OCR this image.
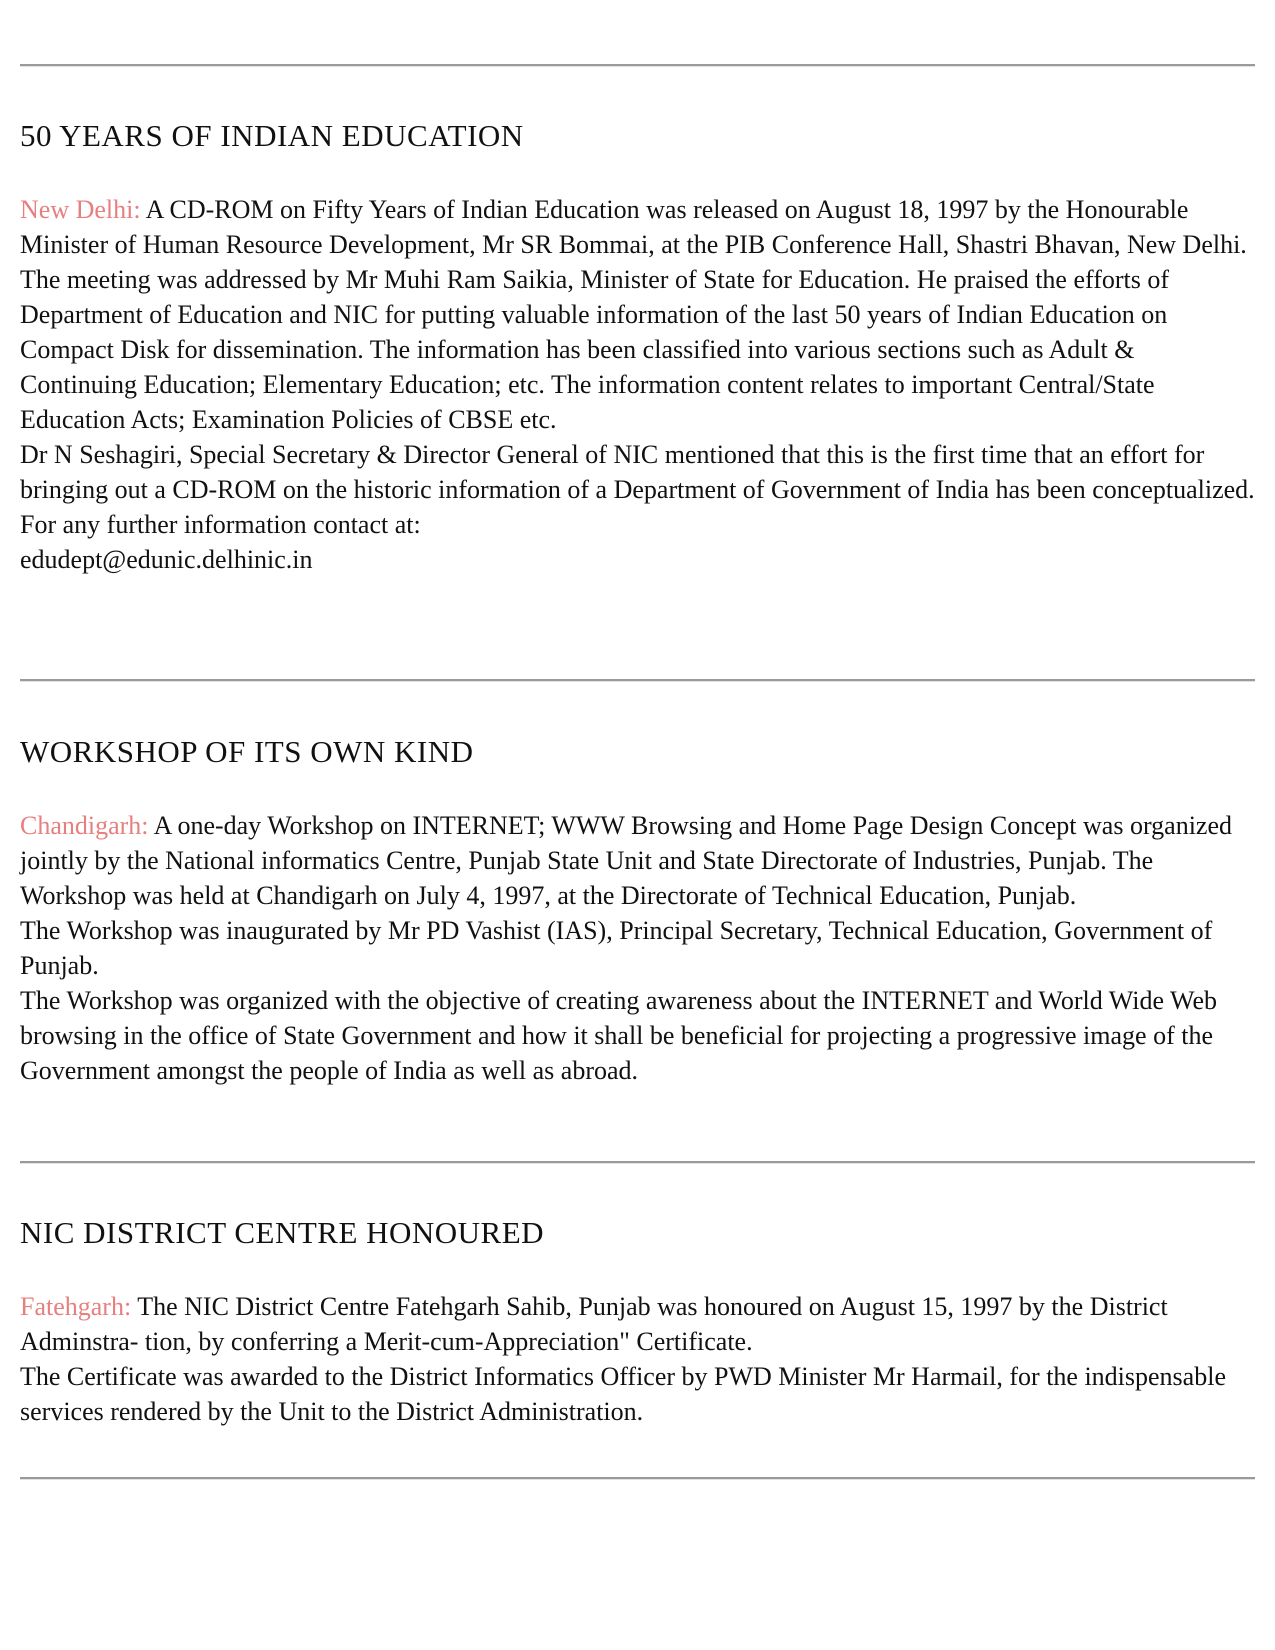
50 YEARS OF INDIAN EDUCATION
New Delhi: A CD-ROM on Fifty Years of Indian Education was released on August 18, 1997 by the Honourable Minister of Human Resource Development, Mr SR Bommai, at the PIB Conference Hall, Shastri Bhavan, New Delhi.
The meeting was addressed by Mr Muhi Ram Saikia, Minister of State for Education. He praised the efforts of Department of Education and NIC for putting valuable information of the last 50 years of Indian Education on Compact Disk for dissemination. The information has been classified into various sections such as Adult & Continuing Education; Elementary Education; etc. The information content relates to important Central/State Education Acts; Examination Policies of CBSE etc.
Dr N Seshagiri, Special Secretary & Director General of NIC mentioned that this is the first time that an effort for bringing out a CD-ROM on the historic information of a Department of Government of India has been conceptualized.
For any further information contact at:
edudept@edunic.delhinic.in
WORKSHOP OF ITS OWN KIND
Chandigarh: A one-day Workshop on INTERNET; WWW Browsing and Home Page Design Concept was organized jointly by the National informatics Centre, Punjab State Unit and State Directorate of Industries, Punjab. The Workshop was held at Chandigarh on July 4, 1997, at the Directorate of Technical Education, Punjab.
The Workshop was inaugurated by Mr PD Vashist (IAS), Principal Secretary, Technical Education, Government of Punjab.
The Workshop was organized with the objective of creating awareness about the INTERNET and World Wide Web browsing in the office of State Government and how it shall be beneficial for projecting a progressive image of the Government amongst the people of India as well as abroad.
NIC DISTRICT CENTRE HONOURED
Fatehgarh: The NIC District Centre Fatehgarh Sahib, Punjab was honoured on August 15, 1997 by the District Adminstra- tion, by conferring a Merit-cum-Appreciation" Certificate.
The Certificate was awarded to the District Informatics Officer by PWD Minister Mr Harmail, for the indispensable services rendered by the Unit to the District Administration.
